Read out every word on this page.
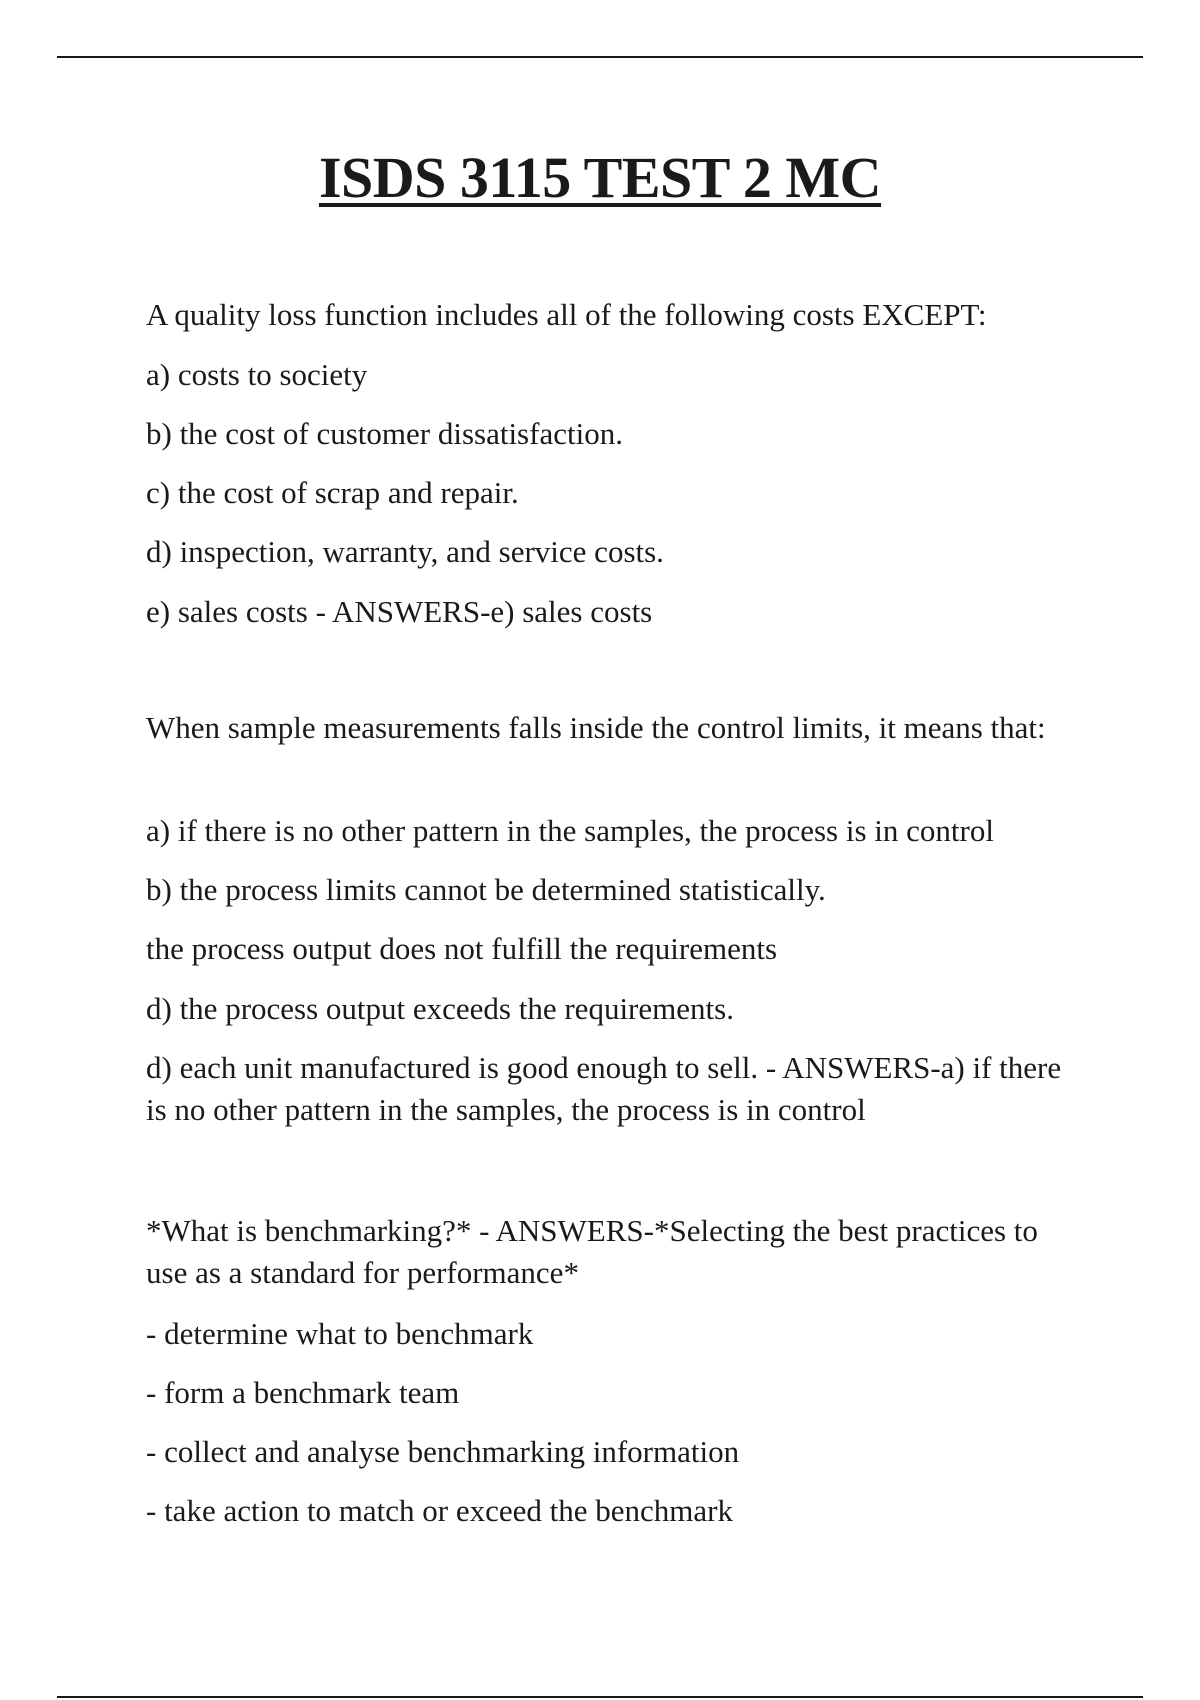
ISDS 3115 TEST 2 MC

A quality loss function includes all of the following costs EXCEPT:

a) costs to society

b) the cost of customer dissatisfaction.

c) the cost of scrap and repair.

d) inspection, warranty, and service costs.

e) sales costs - ANSWERS-e) sales costs

When sample measurements falls inside the control limits, it means that:

a) if there is no other pattern in the samples, the process is in control

b) the process limits cannot be determined statistically.

the process output does not fulfill the requirements

d) the process output exceeds the requirements.

d) each unit manufactured is good enough to sell. - ANSWERS-a) if there is no other pattern in the samples, the process is in control

*What is benchmarking?* - ANSWERS-*Selecting the best practices to use as a standard for performance*

- determine what to benchmark

- form a benchmark team

- collect and analyse benchmarking information

- take action to match or exceed the benchmark
